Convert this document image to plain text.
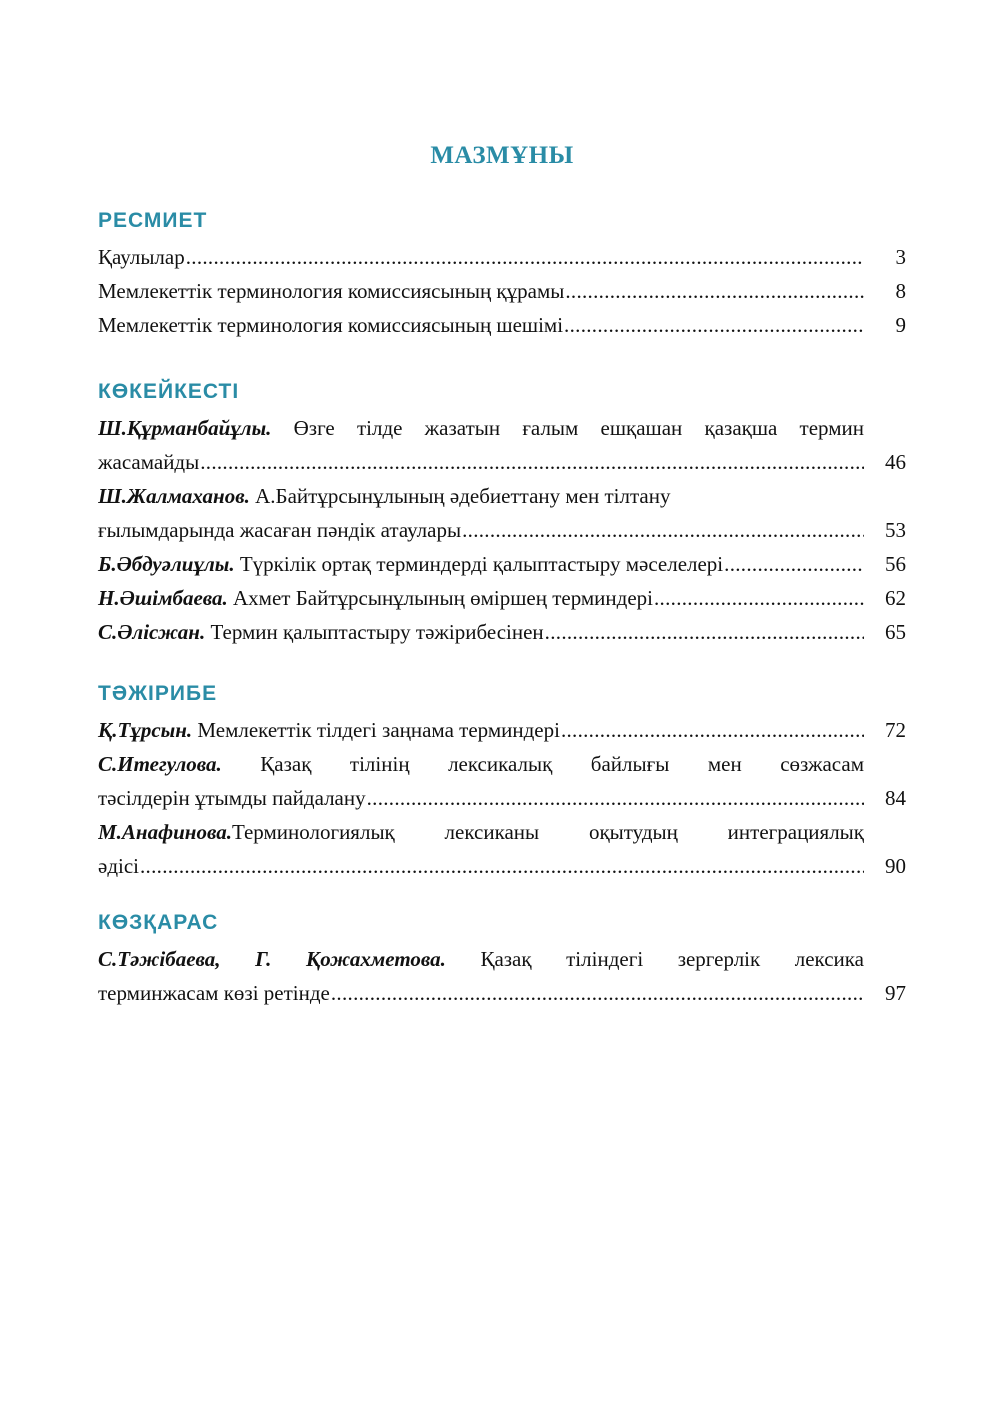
МАЗМҰНЫ
РЕСМИЕТ
Қаулылар .....	3
Мемлекеттік терминология комиссиясының құрамы .....	8
Мемлекеттік терминология комиссиясының шешімі .....	9
КӨКЕЙКЕСТІ
Ш.Құрманбайұлы. Өзге тілде жазатын ғалым ешқашан қазақша термин
жасамайды .....	46
Ш.Жалмаханов. А.Байтұрсынұлының әдебиеттану мен тілтану
ғылымдарында жасаған пәндік атаулары .....	53
Б.Әбдуәлиұлы. Түркілік ортақ терминдерді қалыптастыру мәселелері .....	56
Н.Әшімбаева. Ахмет Байтұрсынұлының өміршең терминдері .....	62
С.Әлісжан. Термин қалыптастыру тәжірибесінен .....	65
ТӘЖІРИБЕ
Қ.Тұрсын. Мемлекеттік тілдегі заңнама терминдері .....	72
С.Итегулова. Қазақ тілінің лексикалық байлығы мен сөзжасам
тәсілдерін ұтымды пайдалану .....	84
М.Анафинова.Терминологиялық лексиканы оқытудың интеграциялық
әдісі .....	90
КӨЗҚАРАС
С.Тәжібаева, Г. Қожахметова. Қазақ тіліндегі зергерлік лексика
терминжасам көзі ретінде .....	97
